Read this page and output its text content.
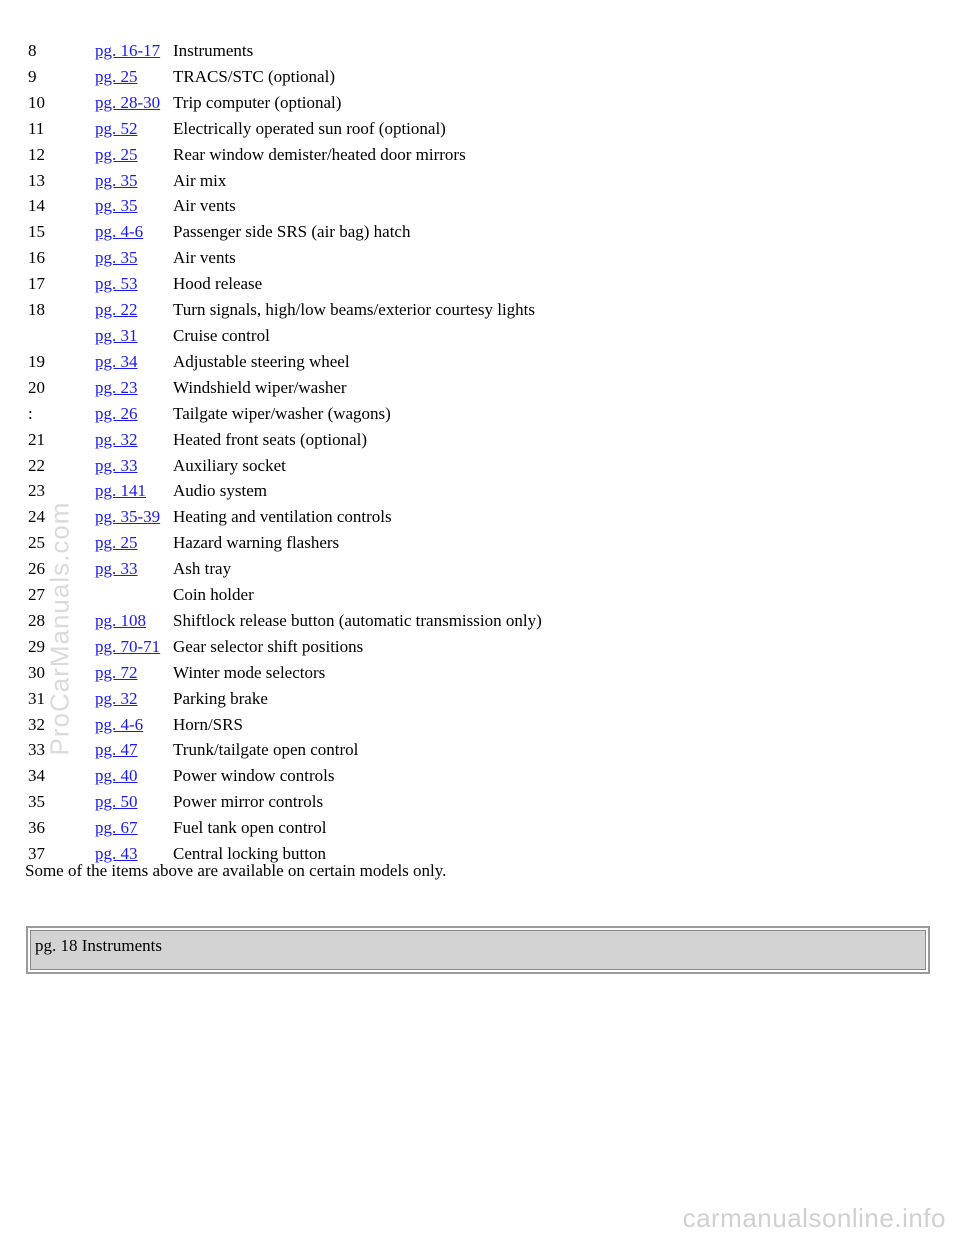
8	pg. 16-17	Instruments
9	pg. 25	TRACS/STC (optional)
10	pg. 28-30	Trip computer (optional)
11	pg. 52	Electrically operated sun roof (optional)
12	pg. 25	Rear window demister/heated door mirrors
13	pg. 35	Air mix
14	pg. 35	Air vents
15	pg. 4-6	Passenger side SRS (air bag) hatch
16	pg. 35	Air vents
17	pg. 53	Hood release
18	pg. 22	Turn signals, high/low beams/exterior courtesy lights
	pg. 31	Cruise control
19	pg. 34	Adjustable steering wheel
20	pg. 23	Windshield wiper/washer
:	pg. 26	Tailgate wiper/washer (wagons)
21	pg. 32	Heated front seats (optional)
22	pg. 33	Auxiliary socket
23	pg. 141	Audio system
24	pg. 35-39	Heating and ventilation controls
25	pg. 25	Hazard warning flashers
26	pg. 33	Ash tray
27		Coin holder
28	pg. 108	Shiftlock release button (automatic transmission only)
29	pg. 70-71	Gear selector shift positions
30	pg. 72	Winter mode selectors
31	pg. 32	Parking brake
32	pg. 4-6	Horn/SRS
33	pg. 47	Trunk/tailgate open control
34	pg. 40	Power window controls
35	pg. 50	Power mirror controls
36	pg. 67	Fuel tank open control
37	pg. 43	Central locking button
Some of the items above are available on certain models only.
pg. 18 Instruments
ProCarManuals.com
carmanualsonline.info
